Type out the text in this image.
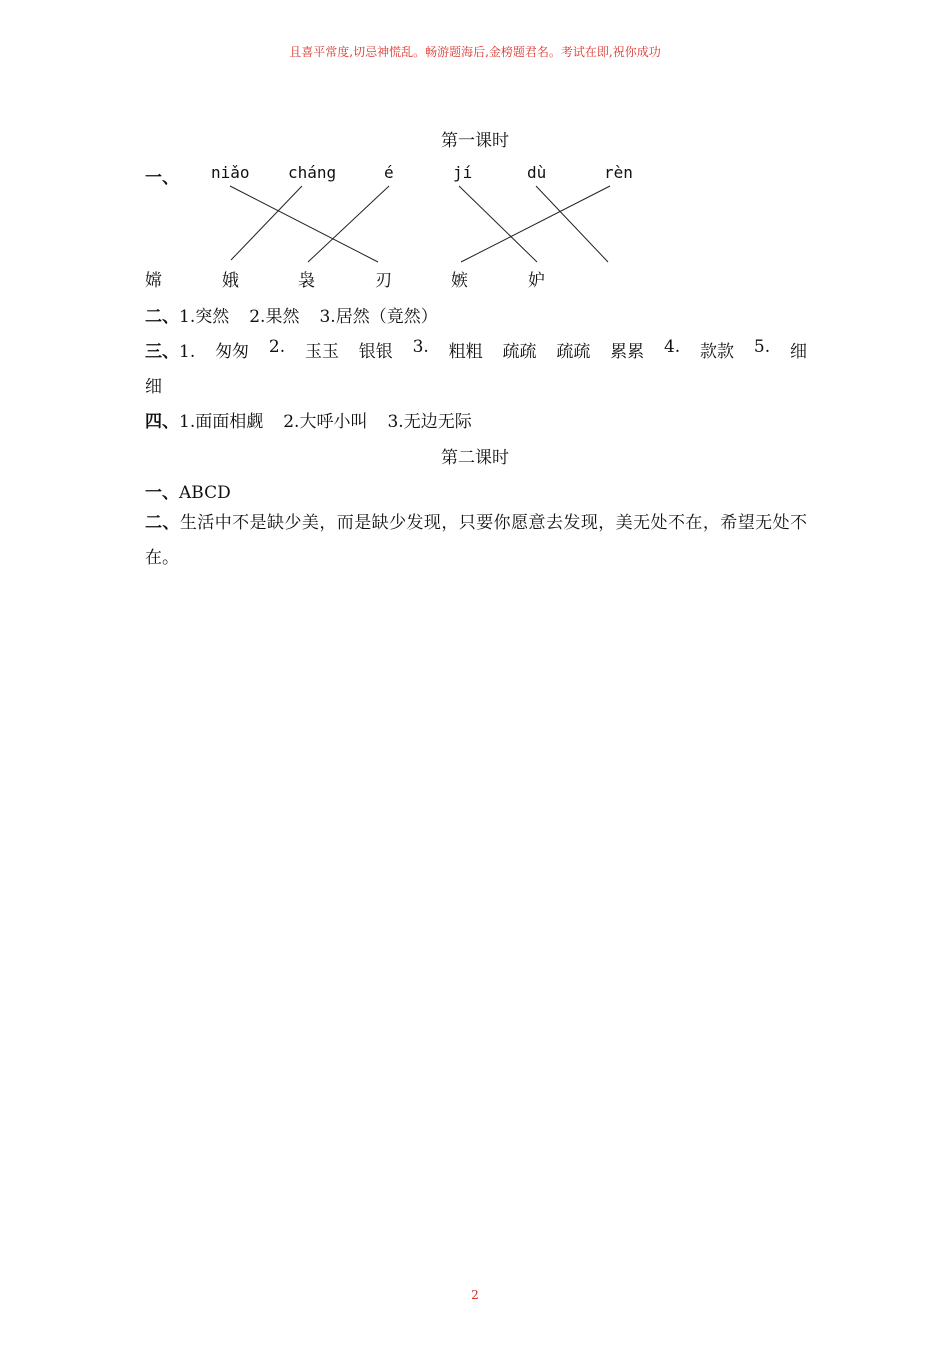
且喜平常度,切忌神慌乱。畅游题海后,金榜题君名。考试在即,祝你成功
第一课时
一、 niǎo cháng	é	jí	dù	rèn
嫦	娥	袅	刃	嫉	妒
二、1.突然 2.果然 3.居然（竟然）
三、1. 匆匆 2. 玉玉 银银 3. 粗粗 疏疏 疏疏 累累 4. 款款 5. 细
细
四、1.面面相觑 2.大呼小叫 3.无边无际
第二课时
一、ABCD
二、生活中不是缺少美，而是缺少发现，只要你愿意去发现，美无处不在，希望无处不在。
2
